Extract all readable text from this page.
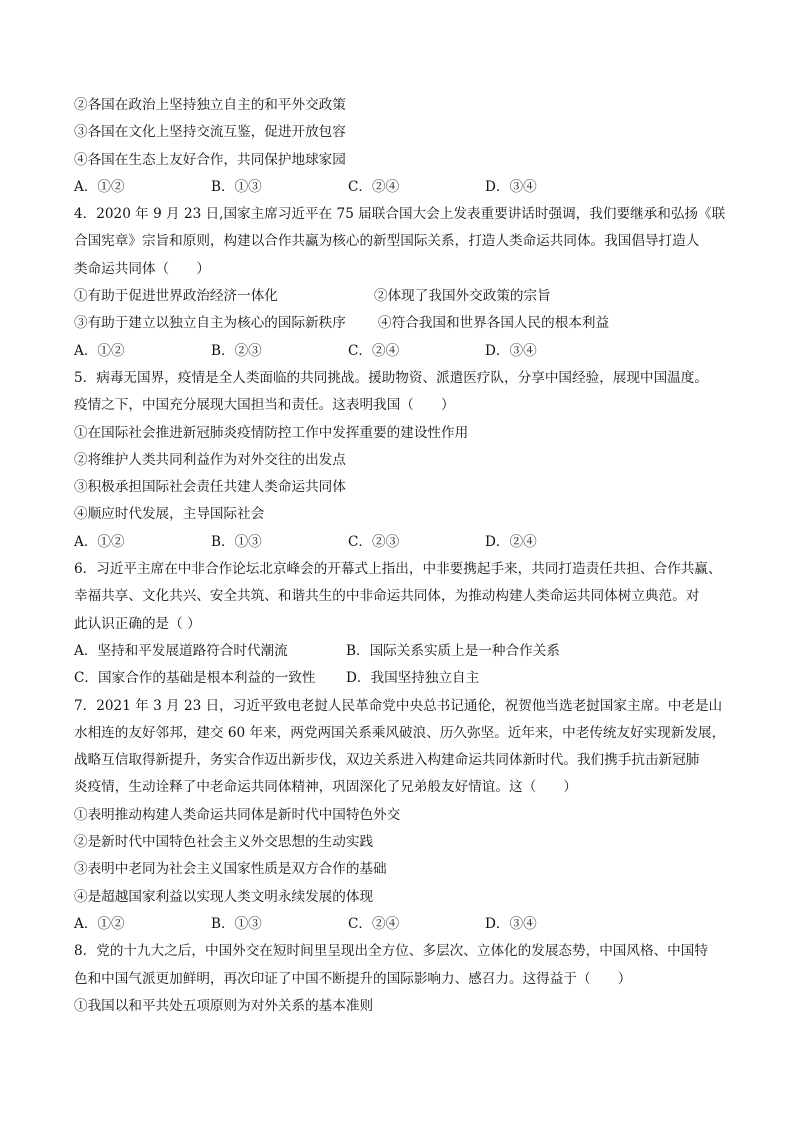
②各国在政治上坚持独立自主的和平外交政策
③各国在文化上坚持交流互鉴，促进开放包容
④各国在生态上友好合作，共同保护地球家园
A．①②	B．①③	C．②④	D．③④
4．2020 年 9 月 23 日,国家主席习近平在 75 届联合国大会上发表重要讲话时强调，我们要继承和弘扬《联
合国宪章》宗旨和原则，构建以合作共赢为核心的新型国际关系，打造人类命运共同体。我国倡导打造人
类命运共同体（　　）
①有助于促进世界政治经济一体化	②体现了我国外交政策的宗旨
③有助于建立以独立自主为核心的国际新秩序	④符合我国和世界各国人民的根本利益
A．①②	B．②③	C．②④	D．③④
5．病毒无国界，疫情是全人类面临的共同挑战。援助物资、派遣医疗队，分享中国经验，展现中国温度。
疫情之下，中国充分展现大国担当和责任。这表明我国（　　）
①在国际社会推进新冠肺炎疫情防控工作中发挥重要的建设性作用
②将维护人类共同利益作为对外交往的出发点
③积极承担国际社会责任共建人类命运共同体
④顺应时代发展，主导国际社会
A．①②	B．①③	C．②③	D．②④
6．习近平主席在中非合作论坛北京峰会的开幕式上指出，中非要携起手来，共同打造责任共担、合作共赢、
幸福共享、文化共兴、安全共筑、和谐共生的中非命运共同体，为推动构建人类命运共同体树立典范。对
此认识正确的是（ ）
A．坚持和平发展道路符合时代潮流	B．国际关系实质上是一种合作关系
C．国家合作的基础是根本利益的一致性	D．我国坚持独立自主
7．2021 年 3 月 23 日，习近平致电老挝人民革命党中央总书记通伦，祝贺他当选老挝国家主席。中老是山
水相连的友好邻邦，建交 60 年来，两党两国关系乘风破浪、历久弥坚。近年来，中老传统友好实现新发展，
战略互信取得新提升，务实合作迈出新步伐，双边关系进入构建命运共同体新时代。我们携手抗击新冠肺
炎疫情，生动诠释了中老命运共同体精神，巩固深化了兄弟般友好情谊。这（　　）
①表明推动构建人类命运共同体是新时代中国特色外交
②是新时代中国特色社会主义外交思想的生动实践
③表明中老同为社会主义国家性质是双方合作的基础
④是超越国家利益以实现人类文明永续发展的体现
A．①②	B．①③	C．②④	D．③④
8．党的十九大之后，中国外交在短时间里呈现出全方位、多层次、立体化的发展态势，中国风格、中国特
色和中国气派更加鲜明，再次印证了中国不断提升的国际影响力、感召力。这得益于（　　）
①我国以和平共处五项原则为对外关系的基本准则
